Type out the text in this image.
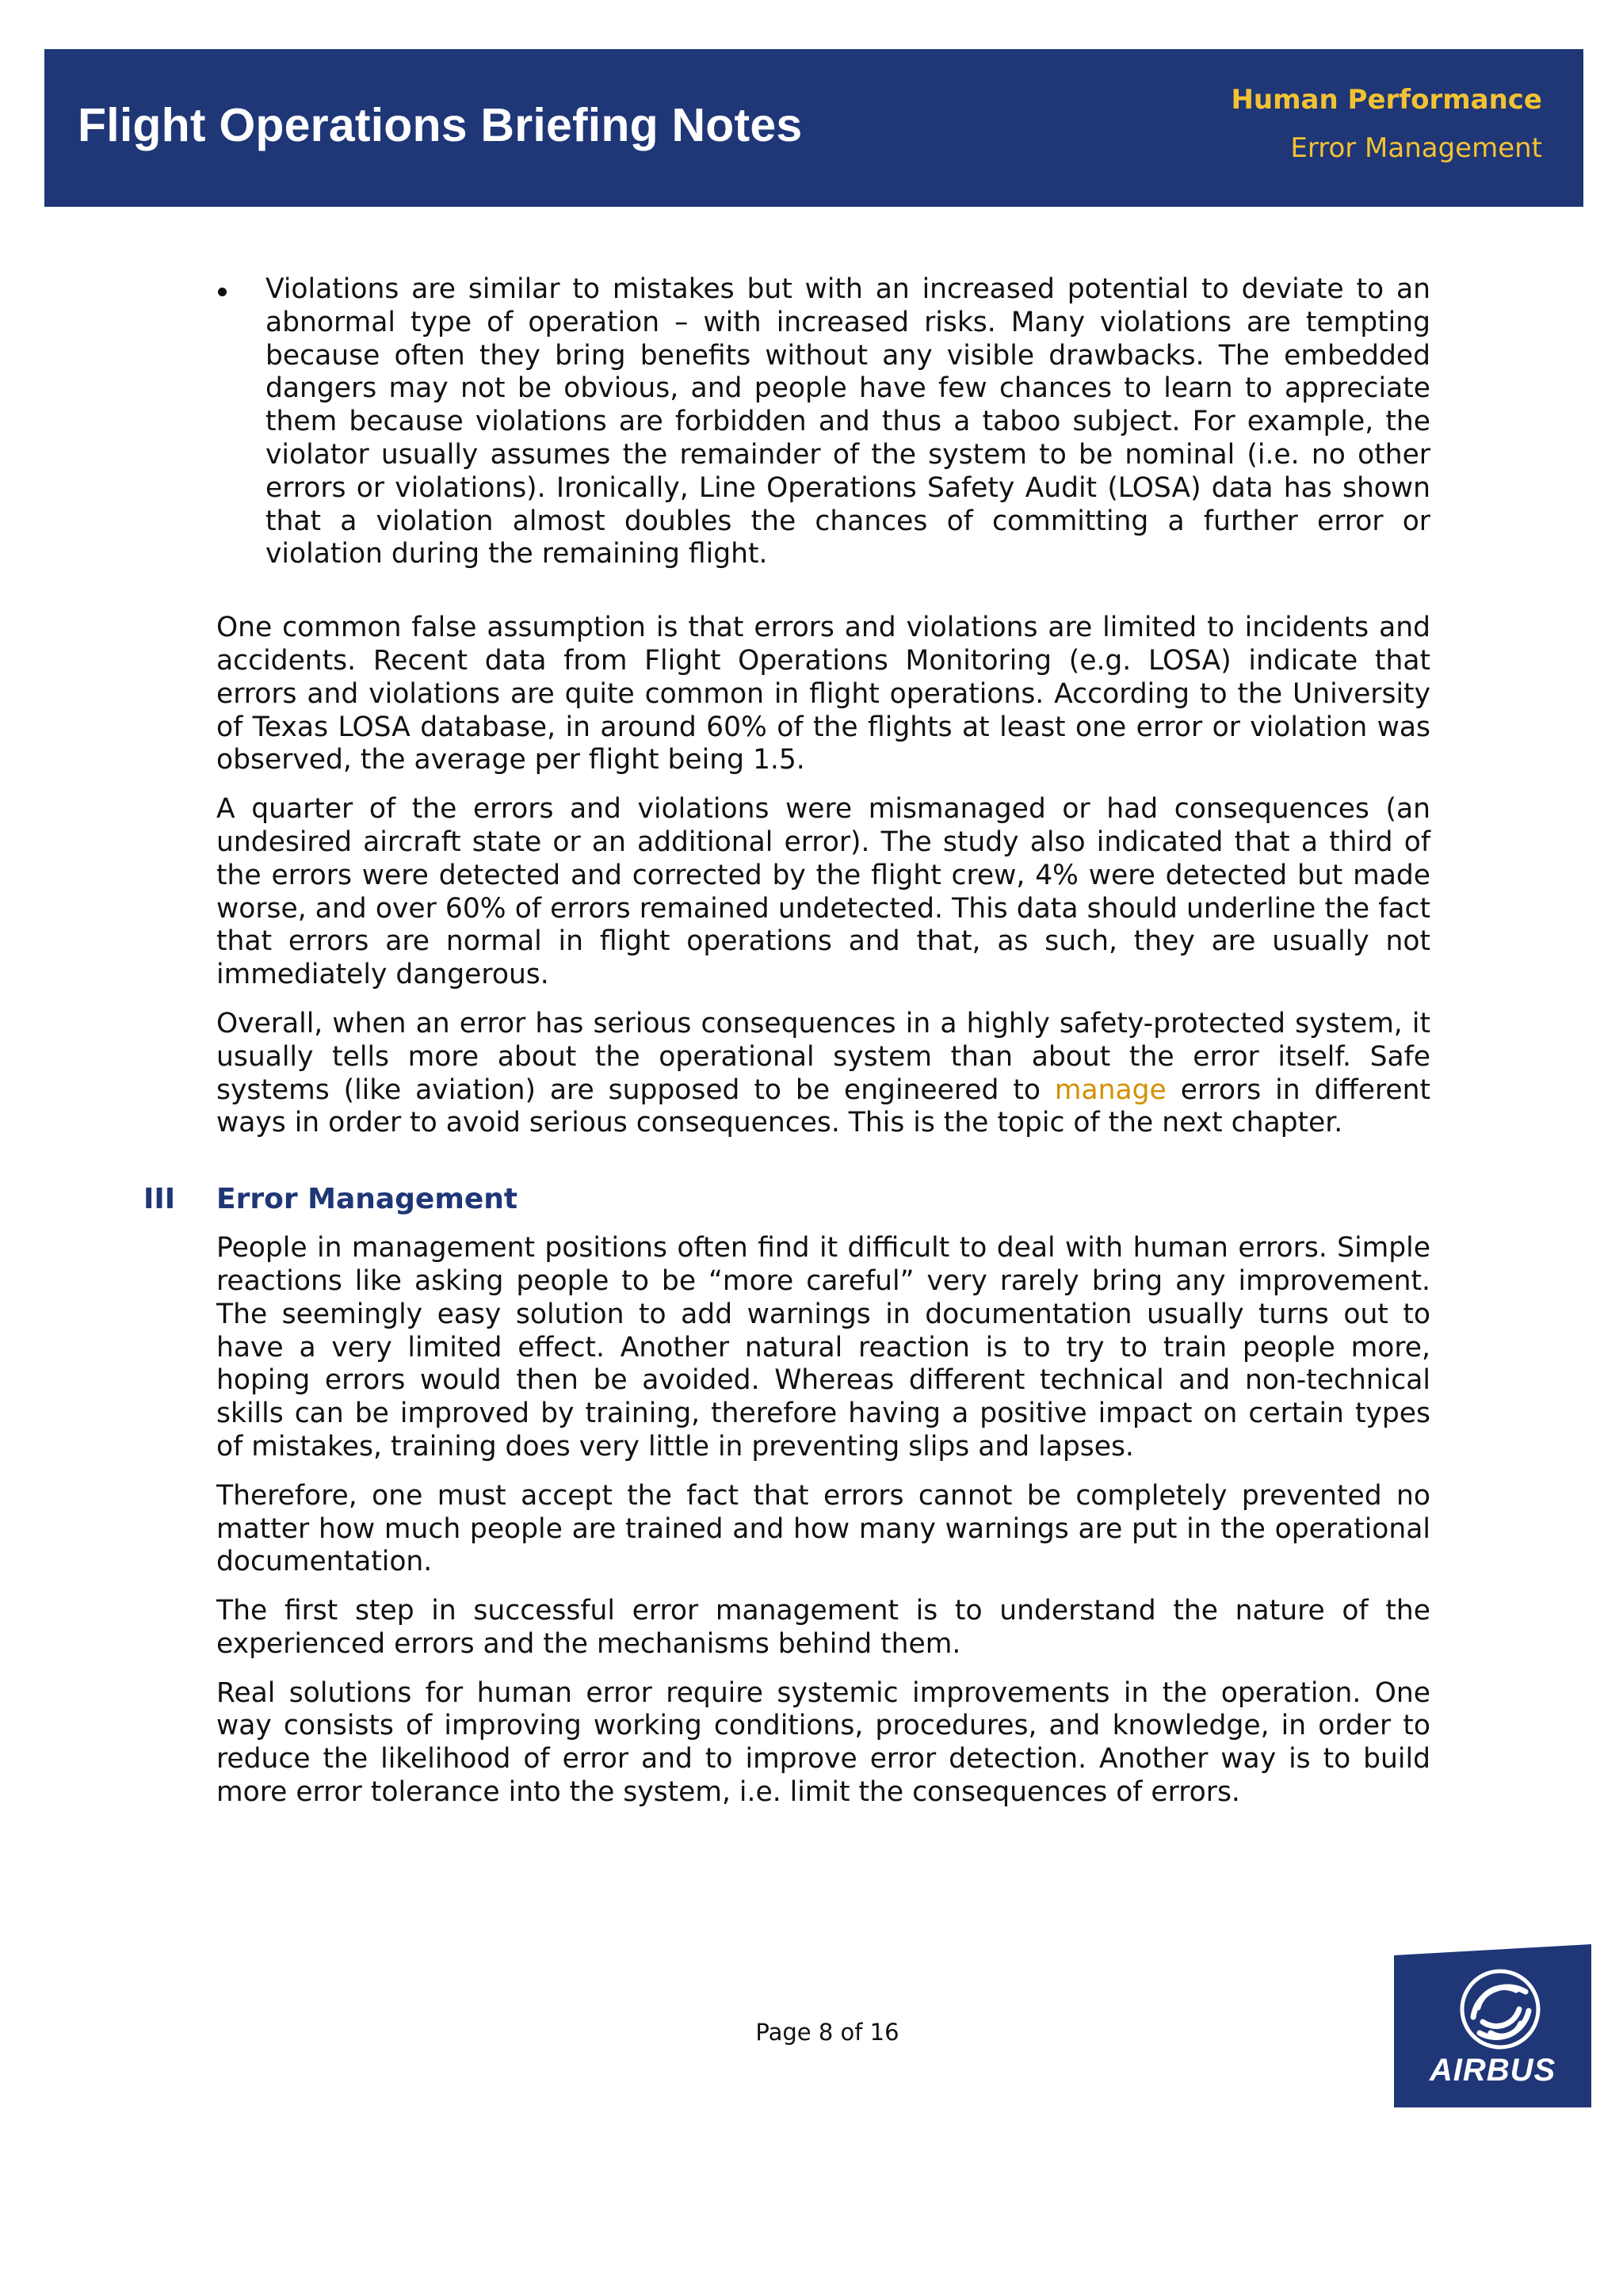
Flight Operations Briefing Notes	Human Performance
Error Management
Violations are similar to mistakes but with an increased potential to deviate to an abnormal type of operation – with increased risks. Many violations are tempting because often they bring benefits without any visible drawbacks. The embedded dangers may not be obvious, and people have few chances to learn to appreciate them because violations are forbidden and thus a taboo subject. For example, the violator usually assumes the remainder of the system to be nominal (i.e. no other errors or violations). Ironically, Line Operations Safety Audit (LOSA) data has shown that a violation almost doubles the chances of committing a further error or violation during the remaining flight.

One common false assumption is that errors and violations are limited to incidents and accidents. Recent data from Flight Operations Monitoring (e.g. LOSA) indicate that errors and violations are quite common in flight operations. According to the University of Texas LOSA database, in around 60% of the flights at least one error or violation was observed, the average per flight being 1.5.

A quarter of the errors and violations were mismanaged or had consequences (an undesired aircraft state or an additional error). The study also indicated that a third of the errors were detected and corrected by the flight crew, 4% were detected but made worse, and over 60% of errors remained undetected. This data should underline the fact that errors are normal in flight operations and that, as such, they are usually not immediately dangerous.

Overall, when an error has serious consequences in a highly safety-protected system, it usually tells more about the operational system than about the error itself. Safe systems (like aviation) are supposed to be engineered to manage errors in different ways in order to avoid serious consequences. This is the topic of the next chapter.

III Error Management

People in management positions often find it difficult to deal with human errors. Simple reactions like asking people to be “more careful” very rarely bring any improvement. The seemingly easy solution to add warnings in documentation usually turns out to have a very limited effect. Another natural reaction is to try to train people more, hoping errors would then be avoided. Whereas different technical and non-technical skills can be improved by training, therefore having a positive impact on certain types of mistakes, training does very little in preventing slips and lapses.

Therefore, one must accept the fact that errors cannot be completely prevented no matter how much people are trained and how many warnings are put in the operational documentation.

The first step in successful error management is to understand the nature of the experienced errors and the mechanisms behind them.

Real solutions for human error require systemic improvements in the operation. One way consists of improving working conditions, procedures, and knowledge, in order to reduce the likelihood of error and to improve error detection. Another way is to build more error tolerance into the system, i.e. limit the consequences of errors.

Page 8 of 16
AIRBUS
